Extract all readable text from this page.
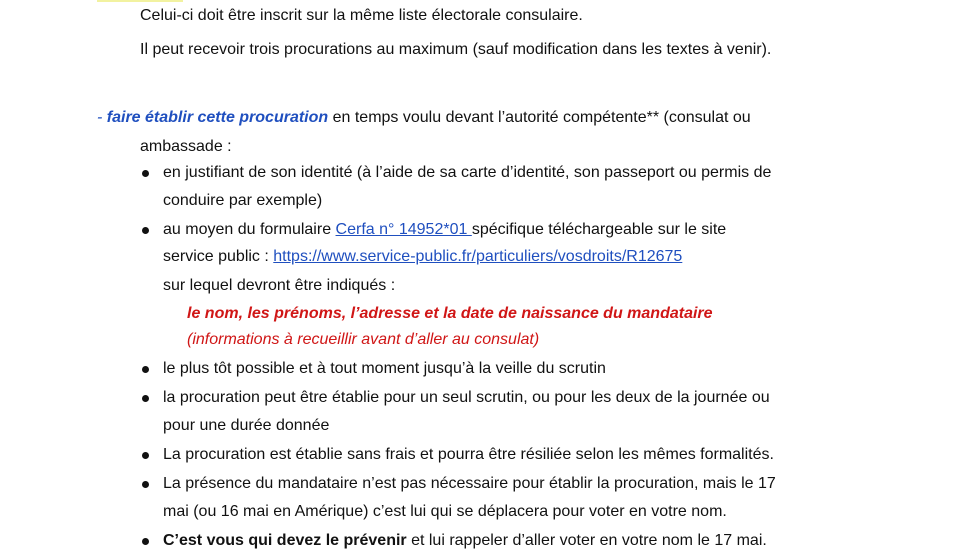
Celui-ci doit être inscrit sur la même liste électorale consulaire.
Il peut recevoir trois procurations au maximum (sauf modification dans les textes à venir).
- faire établir cette procuration en temps voulu devant l’autorité compétente** (consulat ou
ambassade :
en justifiant de son identité (à l’aide de sa carte d’identité, son passeport ou permis de
conduire par exemple)
au moyen du formulaire Cerfa n° 14952*01 spécifique téléchargeable sur le site
service public : https://www.service-public.fr/particuliers/vosdroits/R12675
sur lequel devront être indiqués :
le nom, les prénoms, l’adresse et la date de naissance du mandataire
(informations à recueillir avant d’aller au consulat)
le plus tôt possible et à tout moment jusqu’à la veille du scrutin
la procuration peut être établie pour un seul scrutin, ou pour les deux de la journée ou
pour une durée donnée
La procuration est établie sans frais et pourra être résiliée selon les mêmes formalités.
La présence du mandataire n’est pas nécessaire pour établir la procuration, mais le 17
mai (ou 16 mai en Amérique) c’est lui qui se déplacera pour voter en votre nom.
C’est vous qui devez le prévenir et lui rappeler d’aller voter en votre nom le 17 mai.
